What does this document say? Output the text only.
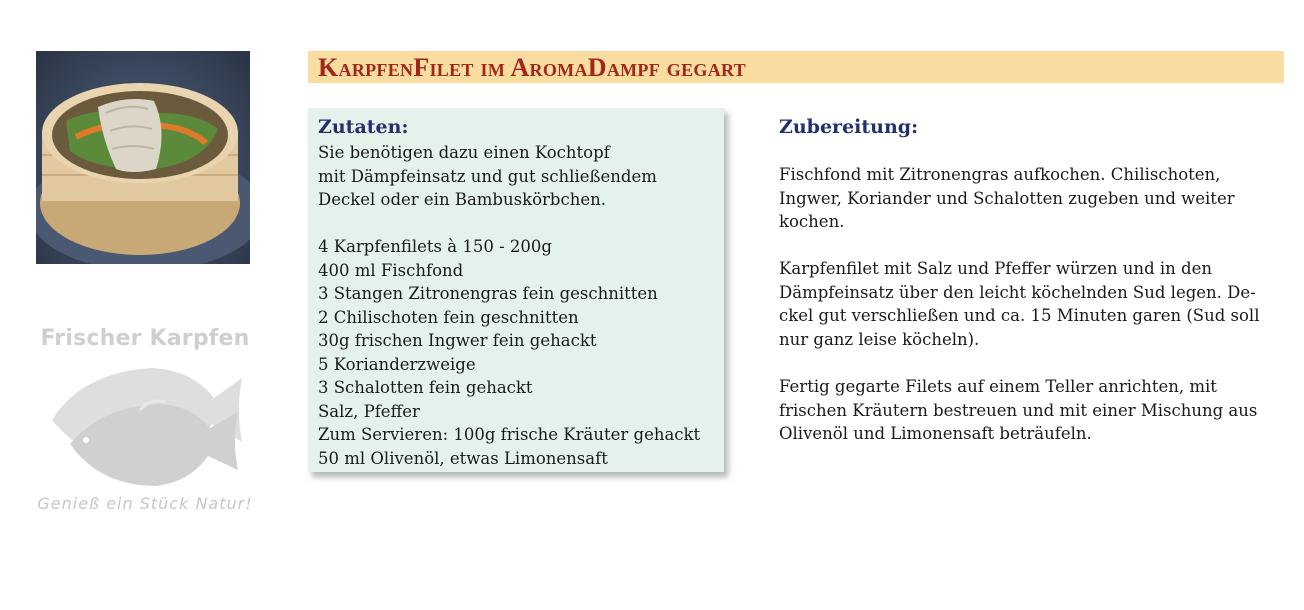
Frischer Karpfen
Genieß ein Stück Natur!
KarpfenFilet im AromaDampf gegart
Zutaten:
Sie benötigen dazu einen Kochtopf
mit Dämpfeinsatz und gut schließendem
Deckel oder ein Bambuskörbchen.
4 Karpfenfilets à 150 - 200g
400 ml Fischfond
3 Stangen Zitronengras fein geschnitten
2 Chilischoten fein geschnitten
30g frischen Ingwer fein gehackt
5 Korianderzweige
3 Schalotten fein gehackt
Salz, Pfeffer
Zum Servieren: 100g frische Kräuter gehackt
50 ml Olivenöl, etwas Limonensaft
Zubereitung:

Fischfond mit Zitronengras aufkochen. Chilischoten,
Ingwer, Koriander und Schalotten zugeben und weiter
kochen.

Karpfenfilet mit Salz und Pfeffer würzen und in den
Dämpfeinsatz über den leicht köchelnden Sud legen. De-
ckel gut verschließen und ca. 15 Minuten garen (Sud soll
nur ganz leise köcheln).

Fertig gegarte Filets auf einem Teller anrichten, mit
frischen Kräutern bestreuen und mit einer Mischung aus
Olivenöl und Limonensaft beträufeln.
